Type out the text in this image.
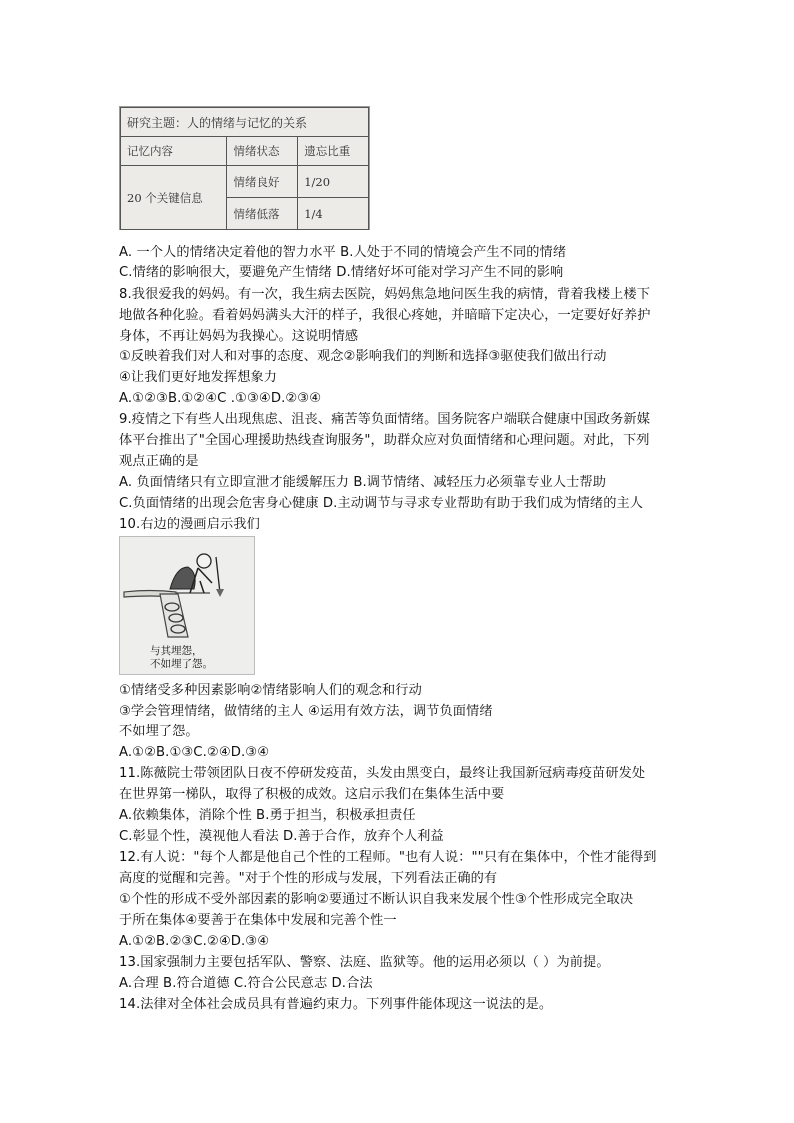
研究主题：人的情绪与记忆的关系		
记忆内容	情绪状态	遗忘比重
20 个关键信息	情绪良好	1/20
	情绪低落	1/4
A. 一个人的情绪决定着他的智力水平 B.人处于不同的情境会产生不同的情绪
C.情绪的影响很大，要避免产生情绪 D.情绪好坏可能对学习产生不同的影响
8.我很爱我的妈妈。有一次，我生病去医院，妈妈焦急地问医生我的病情，背着我楼上楼下
地做各种化验。看着妈妈满头大汗的样子，我很心疼她，并暗暗下定决心，一定要好好养护
身体，不再让妈妈为我操心。这说明情感
①反映着我们对人和对事的态度、观念②影响我们的判断和选择③驱使我们做出行动
④让我们更好地发挥想象力
A.①②③B.①②④C .①③④D.②③④
9.疫情之下有些人出现焦虑、沮丧、痛苦等负面情绪。国务院客户端联合健康中国政务新媒
体平台推出了"全国心理援助热线查询服务"，助群众应对负面情绪和心理问题。对此，下列
观点正确的是
A. 负面情绪只有立即宣泄才能缓解压力 B.调节情绪、减轻压力必须靠专业人士帮助
C.负面情绪的出现会危害身心健康 D.主动调节与寻求专业帮助有助于我们成为情绪的主人
10.右边的漫画启示我们
与其埋怨，
不如埋了怨。
①情绪受多种因素影响②情绪影响人们的观念和行动
③学会管理情绪，做情绪的主人 ④运用有效方法，调节负面情绪
不如埋了怨。
A.①②B.①③C.②④D.③④
11.陈薇院士带领团队日夜不停研发疫苗，头发由黑变白，最终让我国新冠病毒疫苗研发处
在世界第一梯队，取得了积极的成效。这启示我们在集体生活中要
A.依赖集体，消除个性 B.勇于担当，积极承担责任
C.彰显个性，漠视他人看法 D.善于合作，放弃个人利益
12.有人说："每个人都是他自己个性的工程师。"也有人说：""只有在集体中，个性才能得到
高度的觉醒和完善。"对于个性的形成与发展，下列看法正确的有
①个性的形成不受外部因素的影响②要通过不断认识自我来发展个性③个性形成完全取决
于所在集体④要善于在集体中发展和完善个性一
A.①②B.②③C.②④D.③④
13.国家强制力主要包括军队、警察、法庭、监狱等。他的运用必须以（ ）为前提。
A.合理 B.符合道德 C.符合公民意志 D.合法
14.法律对全体社会成员具有普遍约束力。下列事件能体现这一说法的是。
